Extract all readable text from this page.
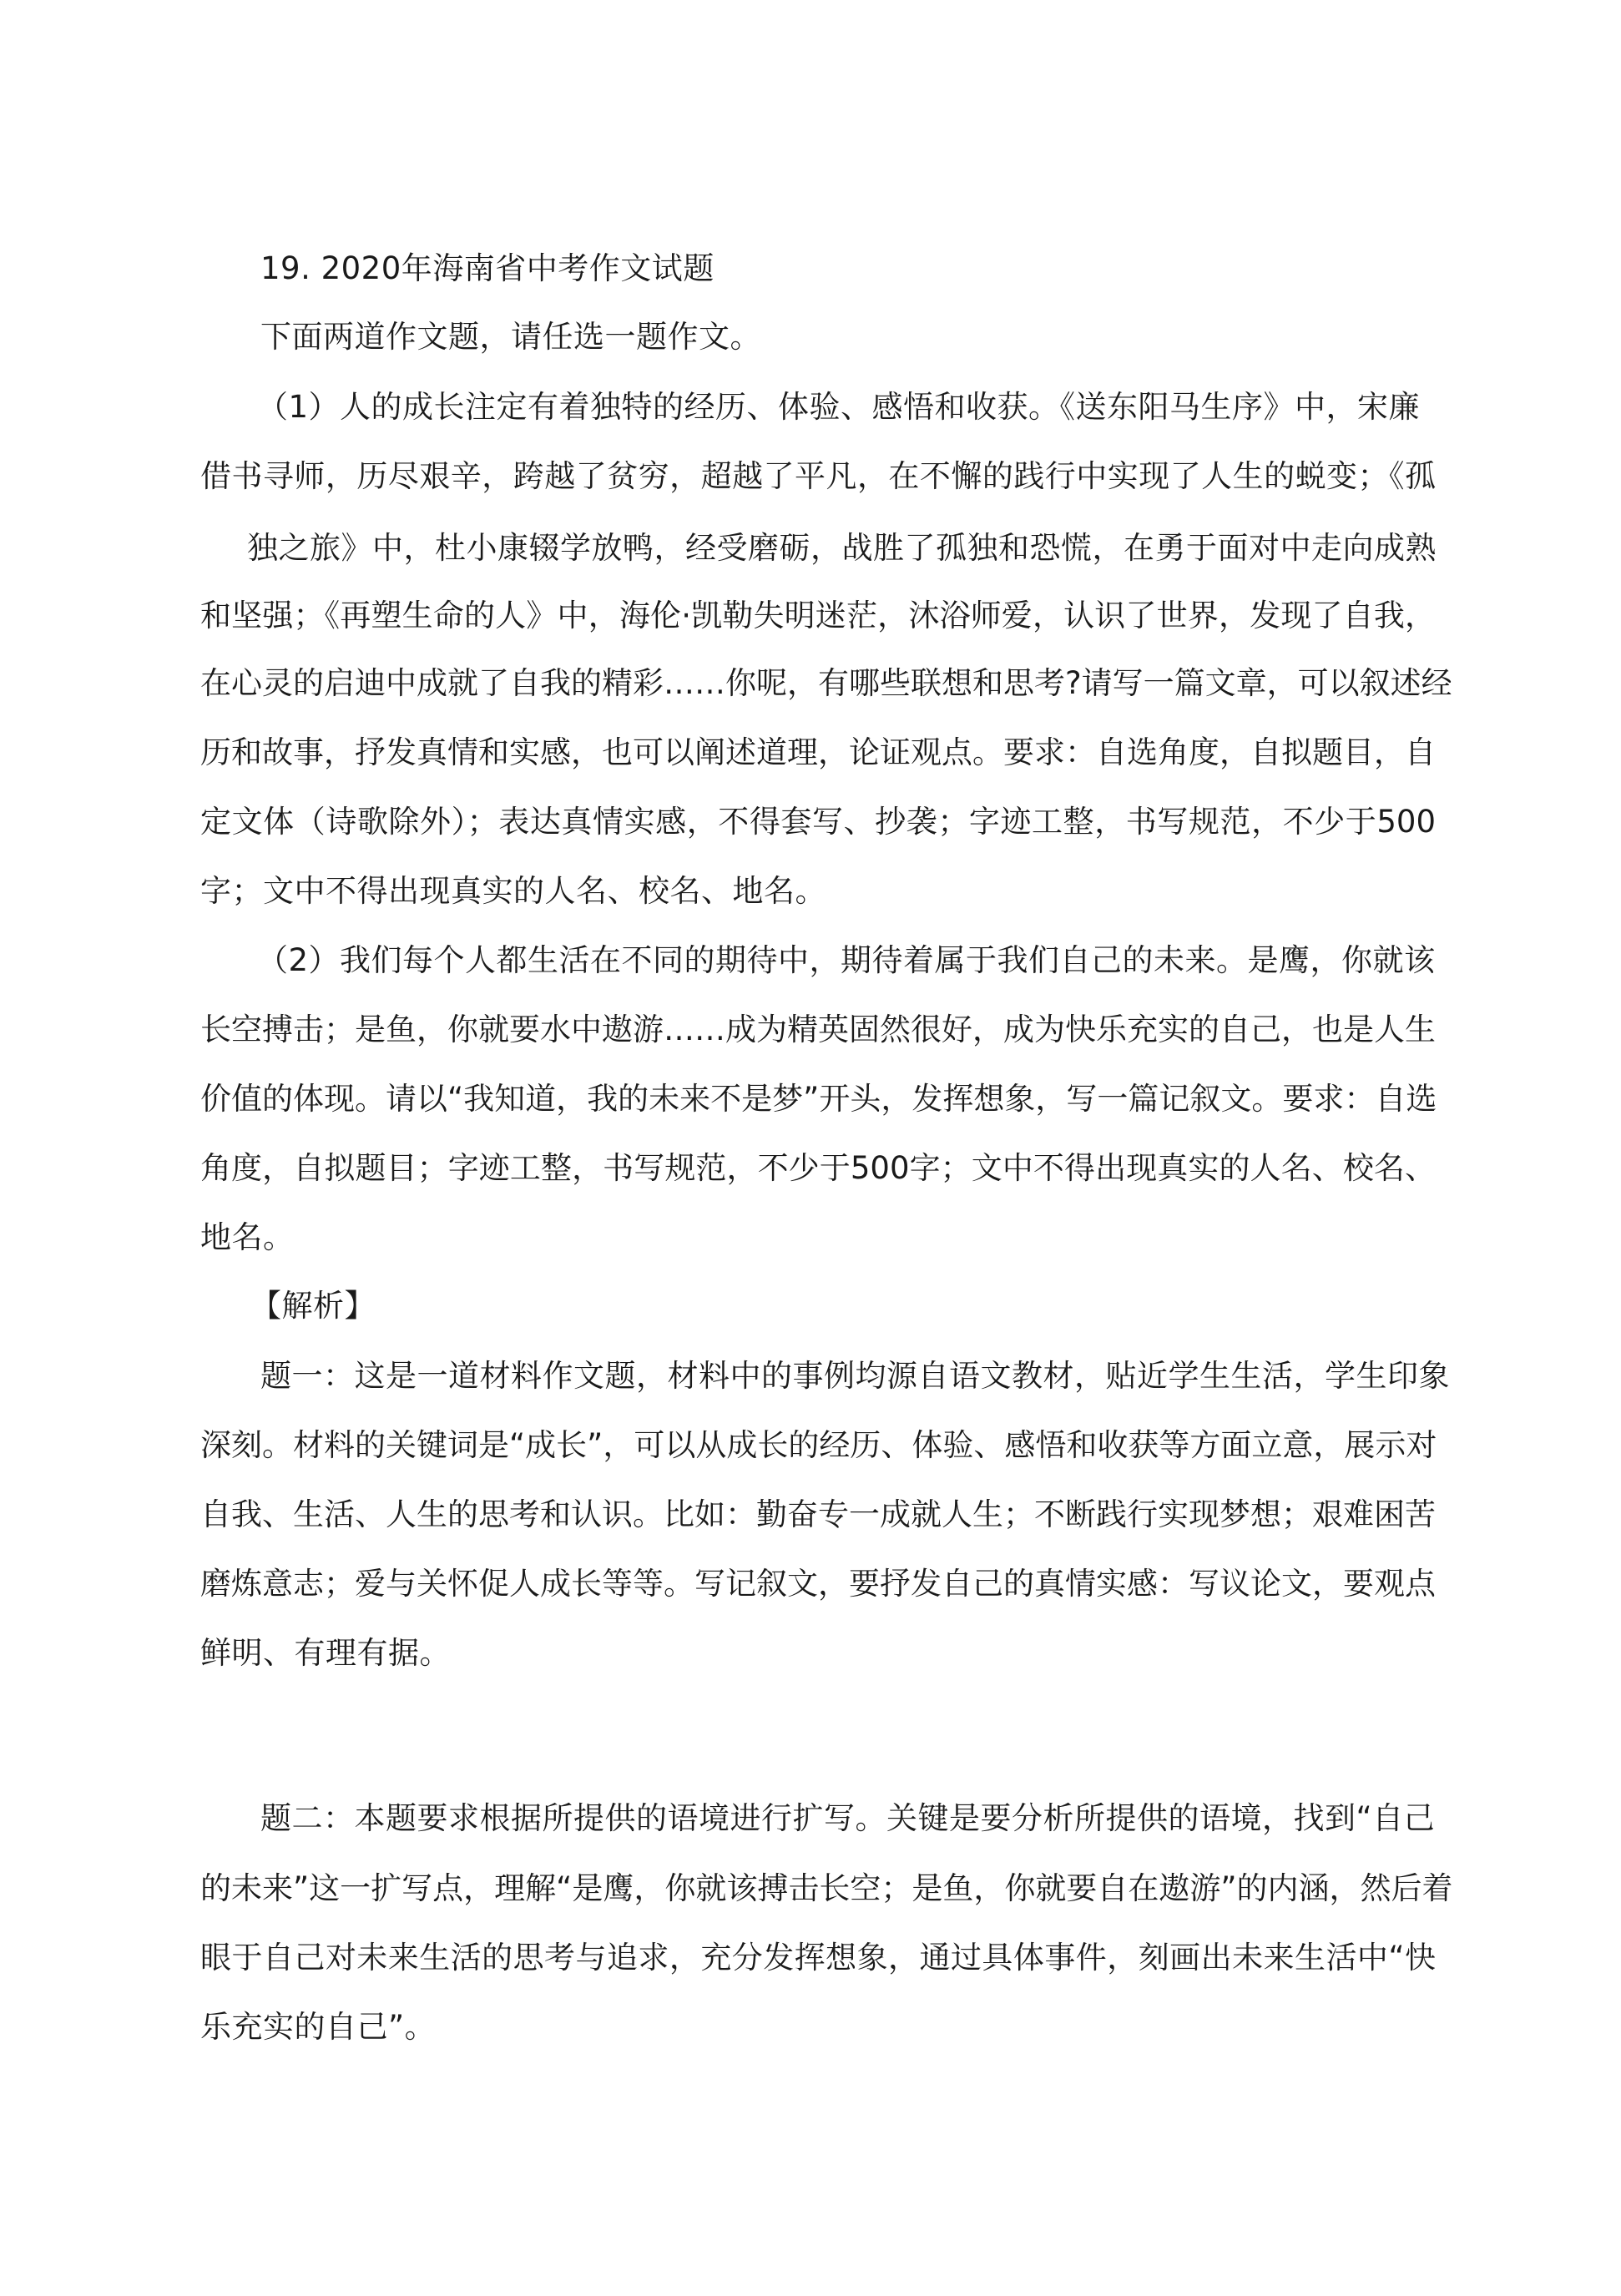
19. 2020年海南省中考作文试题
下面两道作文题，请任选一题作文。
（1）人的成长注定有着独特的经历、体验、感悟和收获。《送东阳马生序》中，宋廉
借书寻师，历尽艰辛，跨越了贫穷，超越了平凡，在不懈的践行中实现了人生的蜕变；《孤
独之旅》中，杜小康辍学放鸭，经受磨砺，战胜了孤独和恐慌，在勇于面对中走向成熟
和坚强；《再塑生命的人》中，海伦·凯勒失明迷茫，沐浴师爱，认识了世界，发现了自我，
在心灵的启迪中成就了自我的精彩……你呢，有哪些联想和思考?请写一篇文章，可以叙述经
历和故事，抒发真情和实感，也可以阐述道理，论证观点。要求：自选角度，自拟题目，自
定文体（诗歌除外）；表达真情实感，不得套写、抄袭；字迹工整，书写规范，不少于500
字；文中不得出现真实的人名、校名、地名。
（2）我们每个人都生活在不同的期待中，期待着属于我们自己的未来。是鹰，你就该
长空搏击；是鱼，你就要水中遨游……成为精英固然很好，成为快乐充实的自己，也是人生
价值的体现。请以“我知道，我的未来不是梦”开头，发挥想象，写一篇记叙文。要求：自选
角度，自拟题目；字迹工整，书写规范，不少于500字；文中不得出现真实的人名、校名、
地名。
【解析】
题一：这是一道材料作文题，材料中的事例均源自语文教材，贴近学生生活，学生印象
深刻。材料的关键词是“成长”，可以从成长的经历、体验、感悟和收获等方面立意，展示对
自我、生活、人生的思考和认识。比如：勤奋专一成就人生；不断践行实现梦想；艰难困苦
磨炼意志；爱与关怀促人成长等等。写记叙文，要抒发自己的真情实感：写议论文，要观点
鲜明、有理有据。
题二：本题要求根据所提供的语境进行扩写。关键是要分析所提供的语境，找到“自己
的未来”这一扩写点，理解“是鹰，你就该搏击长空；是鱼，你就要自在遨游”的内涵，然后着
眼于自己对未来生活的思考与追求，充分发挥想象，通过具体事件，刻画出未来生活中“快
乐充实的自己”。
